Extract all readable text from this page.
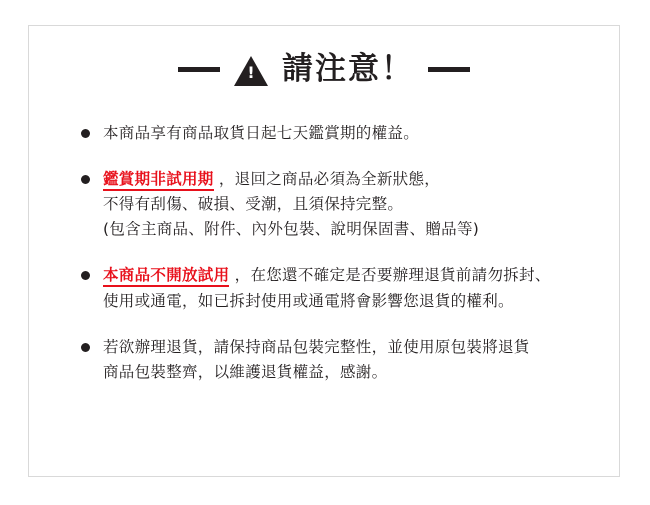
!
請注意！
本商品享有商品取貨日起七天鑑賞期的權益。
鑑賞期非試用期 ，退回之商品必須為全新狀態，
不得有刮傷、破損、受潮，且須保持完整。
(包含主商品、附件、內外包裝、說明保固書、贈品等)
本商品不開放試用 ，在您還不確定是否要辦理退貨前請勿拆封、
使用或通電，如已拆封使用或通電將會影響您退貨的權利。
若欲辦理退貨，請保持商品包裝完整性，並使用原包裝將退貨
商品包裝整齊，以維護退貨權益，感謝。
